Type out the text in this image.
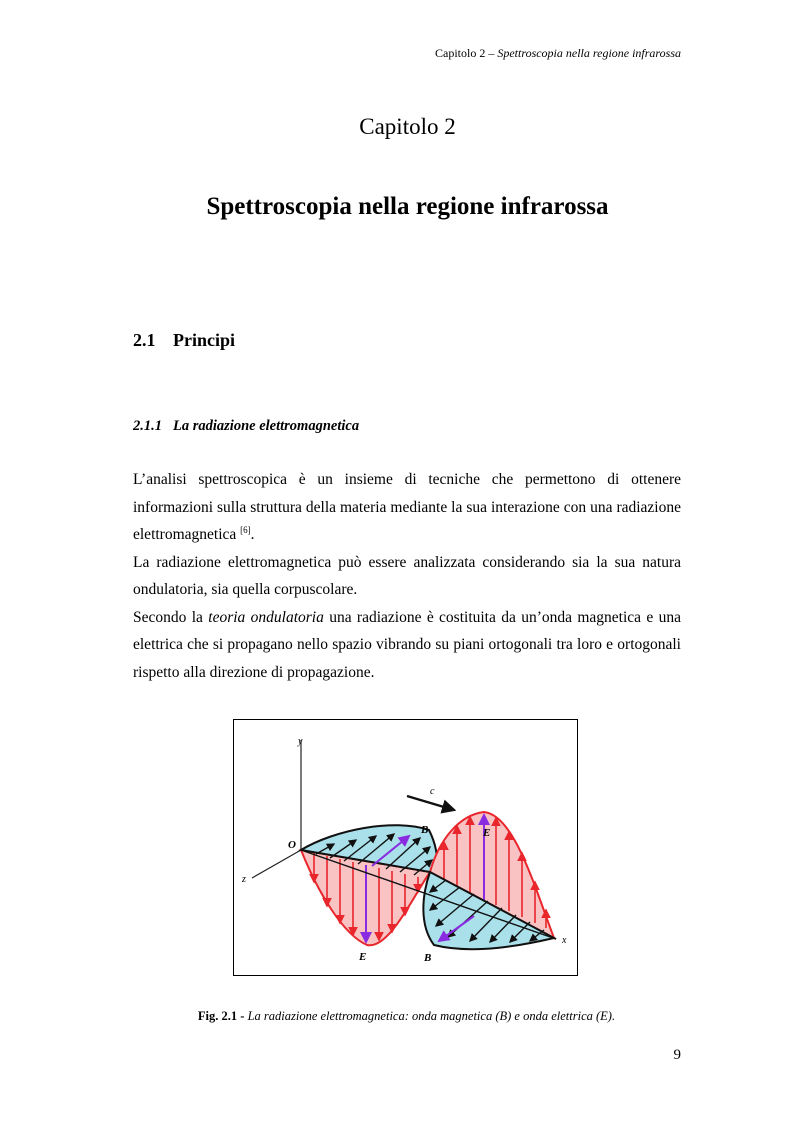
Capitolo 2 – Spettroscopia nella regione infrarossa
Capitolo 2
Spettroscopia nella regione infrarossa
2.1 Principi
2.1.1 La radiazione elettromagnetica

L’analisi spettroscopica è un insieme di tecniche che permettono di ottenere informazioni sulla struttura della materia mediante la sua interazione con una radiazione elettromagnetica [6].

La radiazione elettromagnetica può essere analizzata considerando sia la sua natura ondulatoria, sia quella corpuscolare.

Secondo la teoria ondulatoria una radiazione è costituita da un’onda magnetica e una elettrica che si propagano nello spazio vibrando su piani ortogonali tra loro e ortogonali rispetto alla direzione di propagazione.

y
z
O
c
B
E
E
B
x
Fig. 2.1 - La radiazione elettromagnetica: onda magnetica (B) e onda elettrica (E).
9
